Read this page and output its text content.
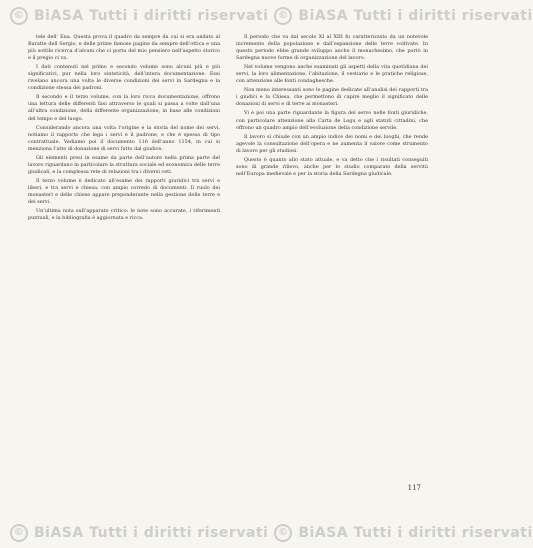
© BiASA Tutti i diritti riservati © BiASA Tutti i diritti riservati

tele dell’ Ena. Questa prova il quadro da sempre da cui si era andato al Baratte dell Sergio, e delle prime famose pagine da sempre dell’ottica e una più sottile ricerca d’alcuni che ci porta del mio pensiero nell’aspetto storico e il pregio ci va.

I dati contenuti nel primo e secondo volume sono alcuni più e più significativi, pur nella loro sinteticità, dell’intera documentazione. Essi rivelano ancora una volta le diverse condizioni dei servi in Sardegna e la condizione stessa dei padroni.

Il secondo e il terzo volume, con la loro ricca documentazione, offrono una lettura delle differenti fasi attraverso le quali si passa a volte dall’una all’altra condizione, della differente organizzazione, in base alle condizioni del tempo e del luogo.

Considerando ancora una volta l’origine e la storia del nome dei servi, notiamo il rapporto che lega i servi e il padrone, e che è spesso di tipo contrattuale. Vediamo poi il documento 116 dell’anno 1154, in cui si menziona l’atto di donazione di servi fatto dal giudice.

Gli elementi presi in esame da parte dell’autore nella prima parte del lavoro riguardano in particolare la struttura sociale ed economica delle terre giudicali, e la complessa rete di relazioni tra i diversi ceti.

Il terzo volume è dedicato all’esame dei rapporti giuridici tra servi e liberi, e tra servi e chiesa, con ampio corredo di documenti. Il ruolo dei monasteri e delle chiese appare preponderante nella gestione delle terre e dei servi.

Un’ultima nota sull’apparato critico: le note sono accurate, i riferimenti puntuali, e la bibliografia è aggiornata e ricca.

Il periodo che va dal secolo XI al XIII fu caratterizzato da un notevole incremento della popolazione e dall’espansione delle terre coltivate. In questo periodo ebbe grande sviluppo anche il monachesimo, che portò in Sardegna nuove forme di organizzazione del lavoro.

Nel volume vengono anche esaminati gli aspetti della vita quotidiana dei servi, la loro alimentazione, l’abitazione, il vestiario e le pratiche religiose, con attenzione alle fonti condaghesche.

Non meno interessanti sono le pagine dedicate all’analisi dei rapporti tra i giudici e la Chiesa, che permettono di capire meglio il significato delle donazioni di servi e di terre ai monasteri.

Vi è poi una parte riguardante la figura del servo nelle fonti giuridiche, con particolare attenzione alla Carta de Logu e agli statuti cittadini, che offrono un quadro ampio dell’evoluzione della condizione servile.

Il lavoro si chiude con un ampio indice dei nomi e dei luoghi, che rende agevole la consultazione dell’opera e ne aumenta il valore come strumento di lavoro per gli studiosi.

Questo è quanto allo stato attuale, e va detto che i risultati conseguiti sono di grande rilievo, anche per lo studio comparato della servitù nell’Europa medievale e per la storia della Sardegna giudicale.

117
© BiASA Tutti i diritti riservati © BiASA Tutti i diritti riservati
